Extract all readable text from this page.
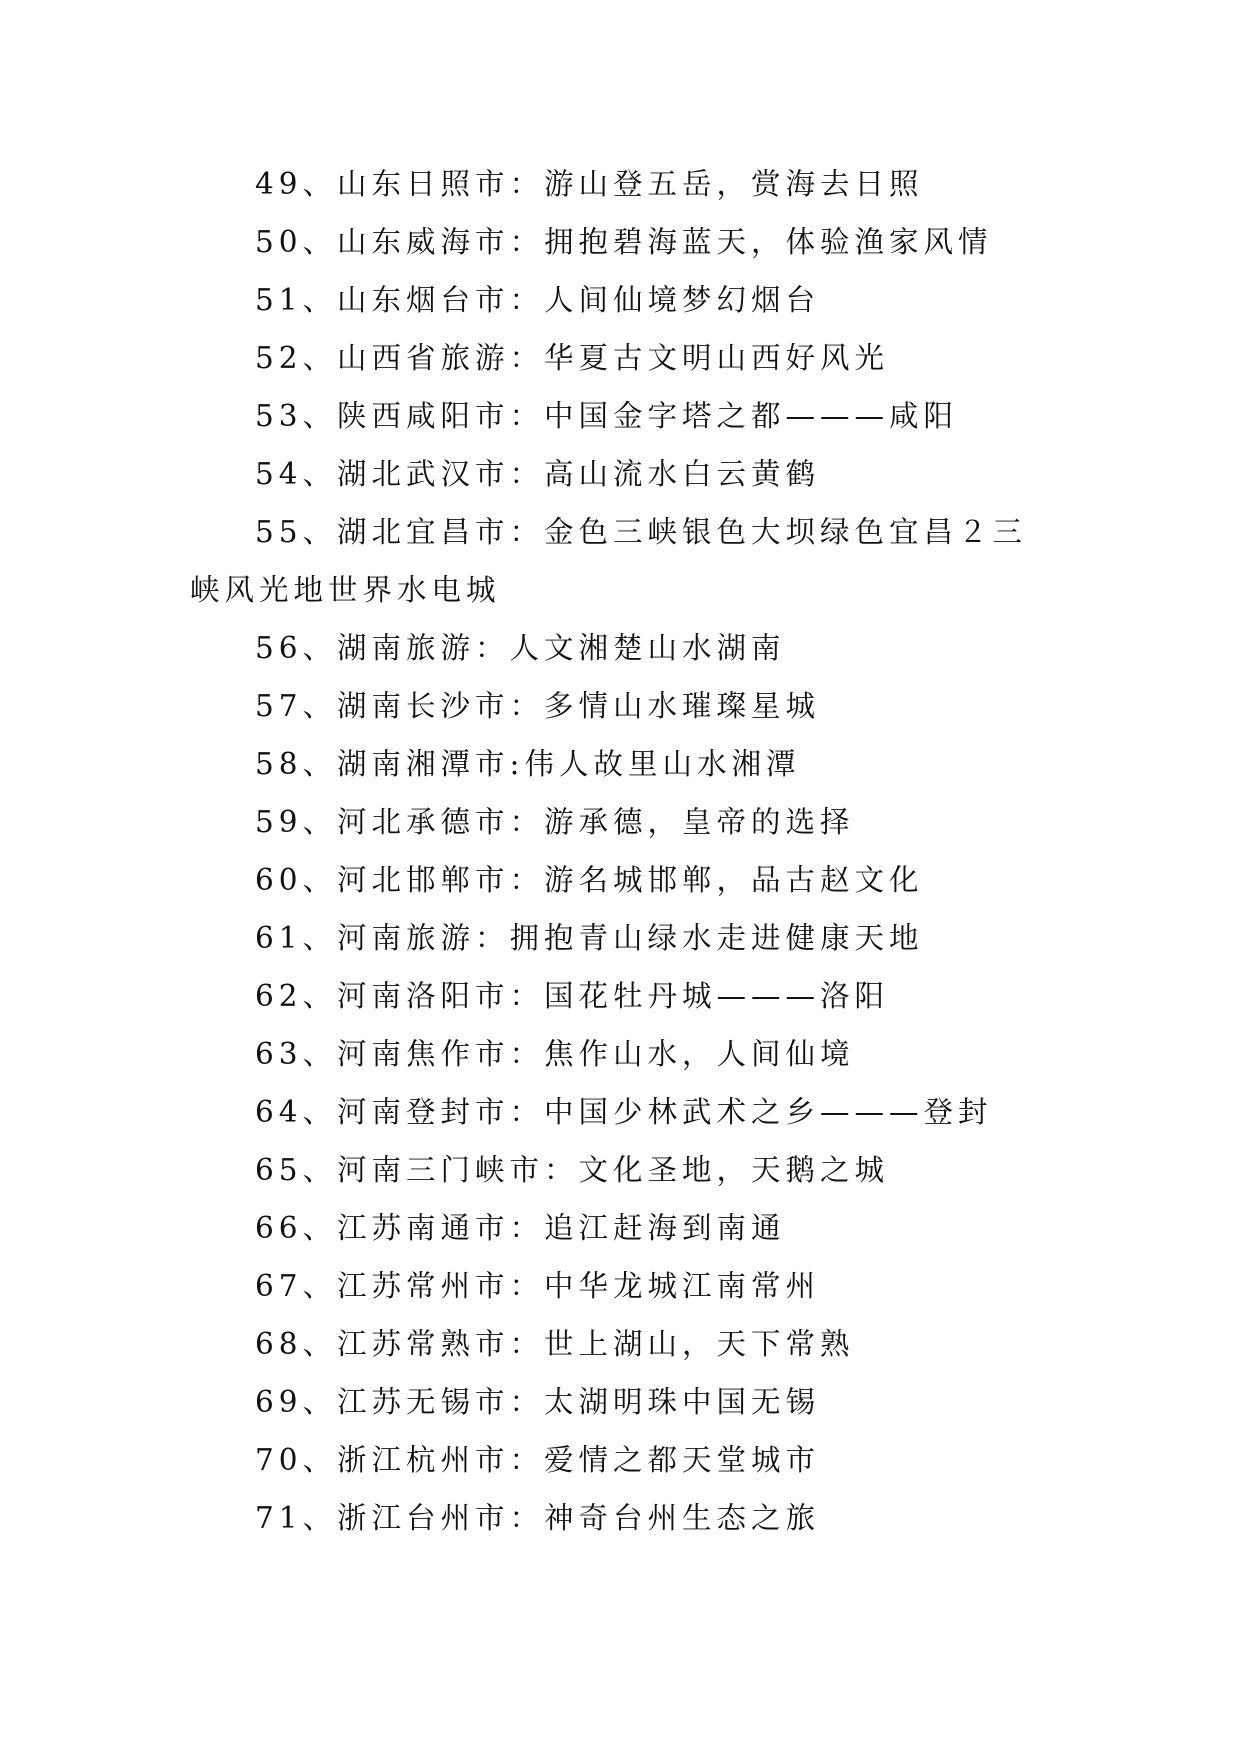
49、山东日照市：游山登五岳，赏海去日照

50、山东威海市：拥抱碧海蓝天，体验渔家风情

51、山东烟台市：人间仙境梦幻烟台

52、山西省旅游：华夏古文明山西好风光

53、陕西咸阳市：中国金字塔之都———咸阳

54、湖北武汉市：高山流水白云黄鹤

55、湖北宜昌市：金色三峡银色大坝绿色宜昌２三峡风光地世界水电城

56、湖南旅游：人文湘楚山水湖南

57、湖南长沙市：多情山水璀璨星城

58、湖南湘潭市:伟人故里山水湘潭

59、河北承德市：游承德，皇帝的选择

60、河北邯郸市：游名城邯郸，品古赵文化

61、河南旅游：拥抱青山绿水走进健康天地

62、河南洛阳市：国花牡丹城———洛阳

63、河南焦作市：焦作山水，人间仙境

64、河南登封市：中国少林武术之乡———登封

65、河南三门峡市：文化圣地，天鹅之城

66、江苏南通市：追江赶海到南通

67、江苏常州市：中华龙城江南常州

68、江苏常熟市：世上湖山，天下常熟

69、江苏无锡市：太湖明珠中国无锡

70、浙江杭州市：爱情之都天堂城市

71、浙江台州市：神奇台州生态之旅
